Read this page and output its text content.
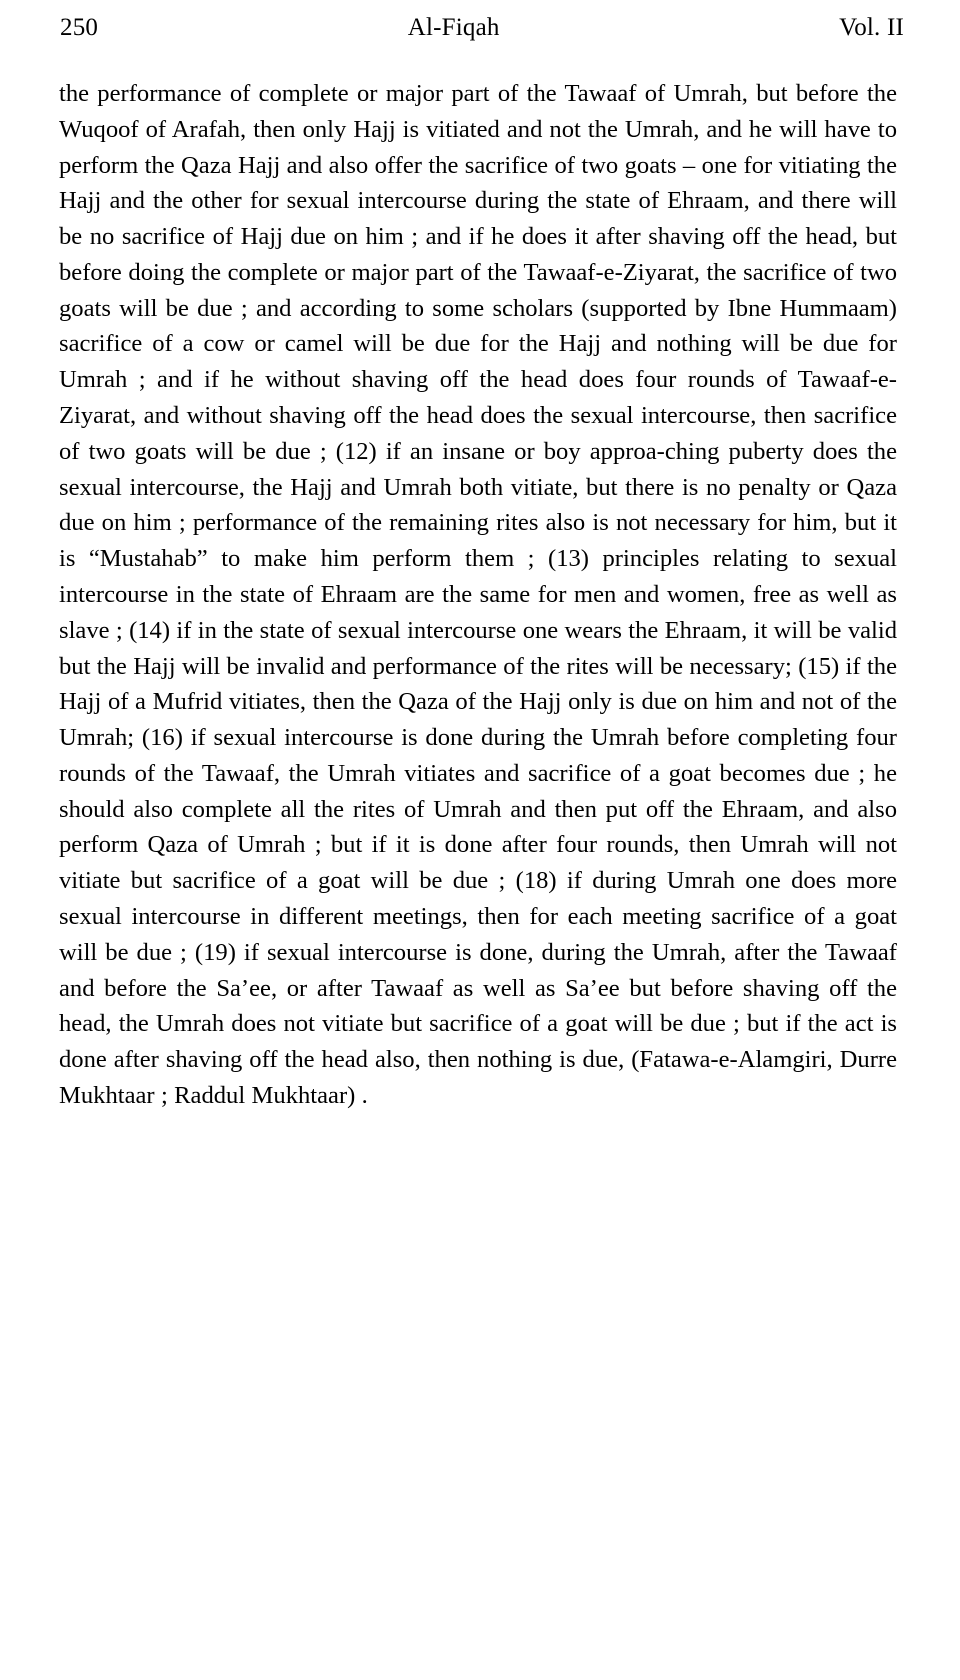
250	Al-Fiqah	Vol. II

the performance of complete or major part of the Tawaaf of Umrah, but before the Wuqoof of Arafah, then only Hajj is vitiated and not the Umrah, and he will have to perform the Qaza Hajj and also offer the sacrifice of two goats – one for vitiating the Hajj and the other for sexual intercourse during the state of Ehraam, and there will be no sacrifice of Hajj due on him ; and if he does it after shaving off the head, but before doing the complete or major part of the Tawaaf-e-Ziyarat, the sacrifice of two goats will be due ; and according to some scholars (supported by Ibne Hummaam) sacrifice of a cow or camel will be due for the Hajj and nothing will be due for Umrah ; and if he without shaving off the head does four rounds of Tawaaf-e-Ziyarat, and without shaving off the head does the sexual intercourse, then sacrifice of two goats will be due ; (12) if an insane or boy approa-ching puberty does the sexual intercourse, the Hajj and Umrah both vitiate, but there is no penalty or Qaza due on him ; performance of the remaining rites also is not necessary for him, but it is “Mustahab” to make him perform them ; (13) principles relating to sexual intercourse in the state of Ehraam are the same for men and women, free as well as slave ; (14) if in the state of sexual intercourse one wears the Ehraam, it will be valid but the Hajj will be invalid and performance of the rites will be necessary; (15) if the Hajj of a Mufrid vitiates, then the Qaza of the Hajj only is due on him and not of the Umrah; (16) if sexual intercourse is done during the Umrah before completing four rounds of the Tawaaf, the Umrah vitiates and sacrifice of a goat becomes due ; he should also complete all the rites of Umrah and then put off the Ehraam, and also perform Qaza of Umrah ; but if it is done after four rounds, then Umrah will not vitiate but sacrifice of a goat will be due ; (18) if during Umrah one does more sexual intercourse in different meetings, then for each meeting sacrifice of a goat will be due ; (19) if sexual intercourse is done, during the Umrah, after the Tawaaf and before the Sa’ee, or after Tawaaf as well as Sa’ee but before shaving off the head, the Umrah does not vitiate but sacrifice of a goat will be due ; but if the act is done after shaving off the head also, then nothing is due, (Fatawa-e-Alamgiri, Durre Mukhtaar ; Raddul Mukhtaar) .
